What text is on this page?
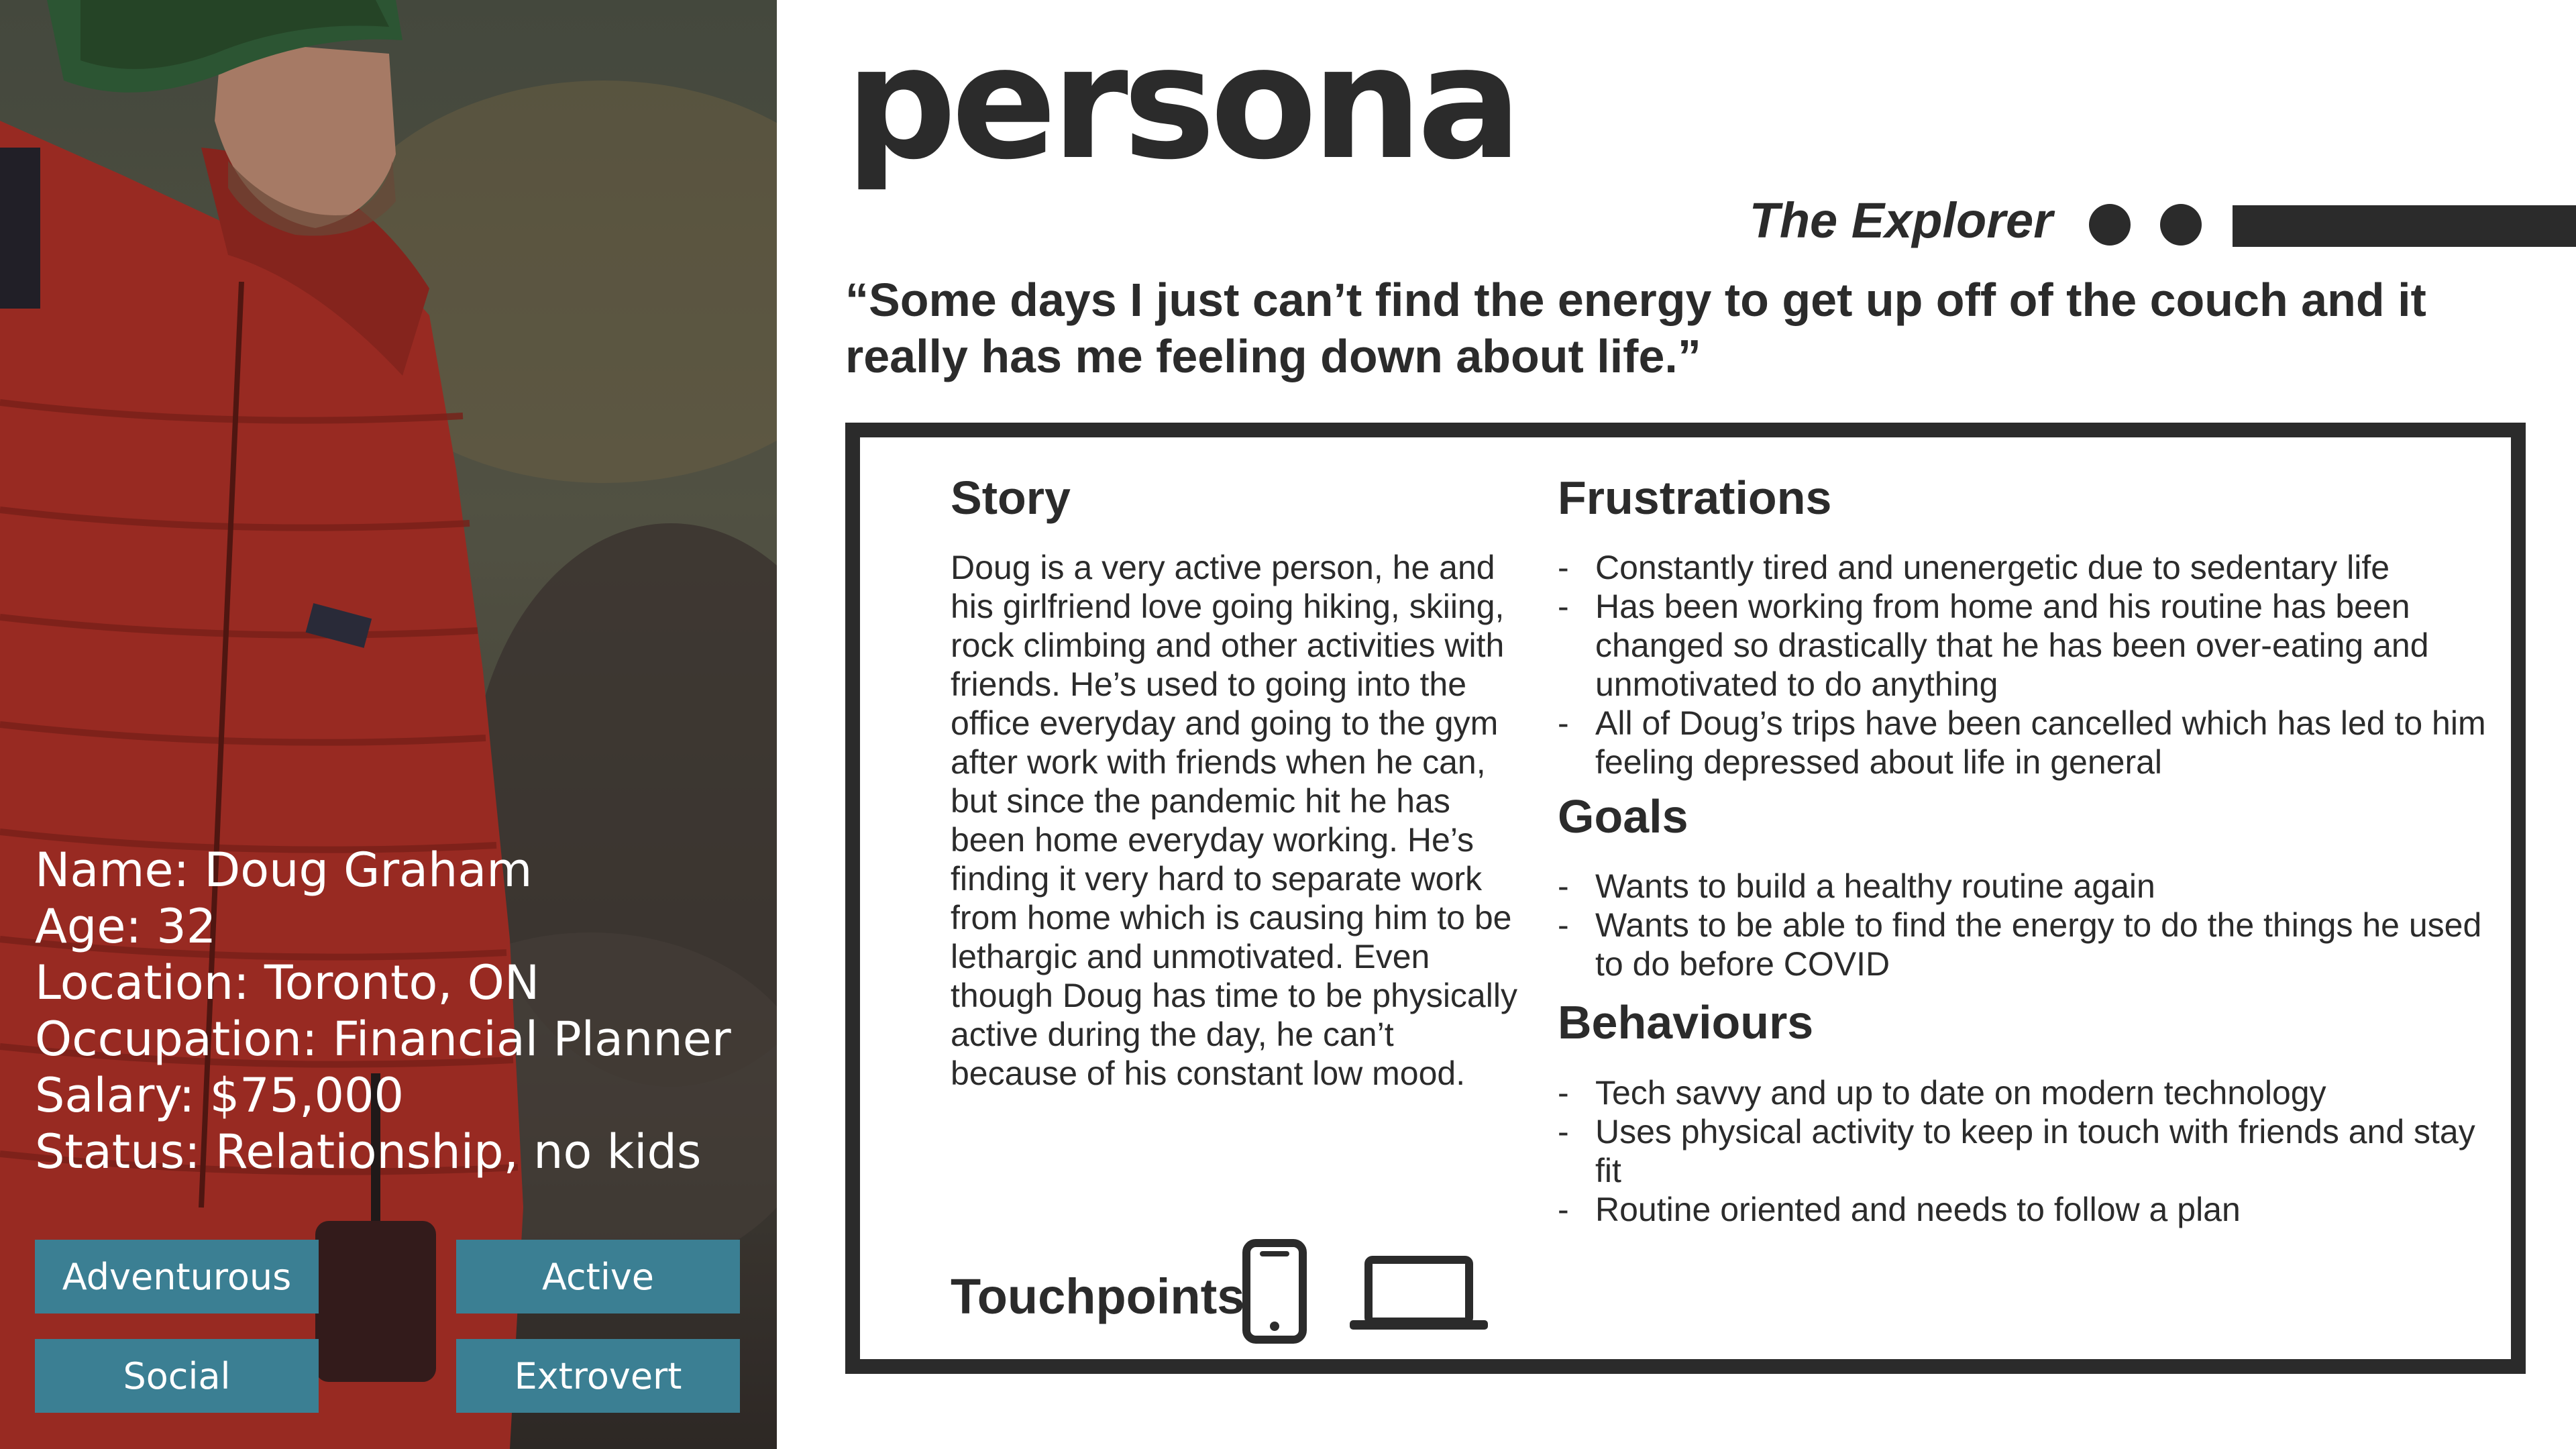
Name: Doug Graham
Age: 32
Location: Toronto, ON
Occupation: Financial Planner
Salary: $75,000
Status: Relationship, no kids
Adventurous	Active
Social	Extrovert
persona
The Explorer

“Some days I just can’t find the energy to get up off of the couch and it really has me feeling down about life.”

Story

Doug is a very active person, he and his girlfriend love going hiking, skiing, rock climbing and other activities with friends. He’s used to going into the office everyday and going to the gym after work with friends when he can, but since the pandemic hit he has been home everyday working. He’s finding it very hard to separate work from home which is causing him to be lethargic and unmotivated. Even though Doug has time to be physically active during the day, he can’t because of his constant low mood.

Frustrations
- Constantly tired and unenergetic due to sedentary life
- Has been working from home and his routine has been changed so drastically that he has been over-eating and unmotivated to do anything
- All of Doug’s trips have been cancelled which has led to him feeling depressed about life in general
Goals
- Wants to build a healthy routine again
- Wants to be able to find the energy to do the things he used to do before COVID
Behaviours
- Tech savvy and up to date on modern technology
- Uses physical activity to keep in touch with friends and stay fit
- Routine oriented and needs to follow a plan
Touchpoints
